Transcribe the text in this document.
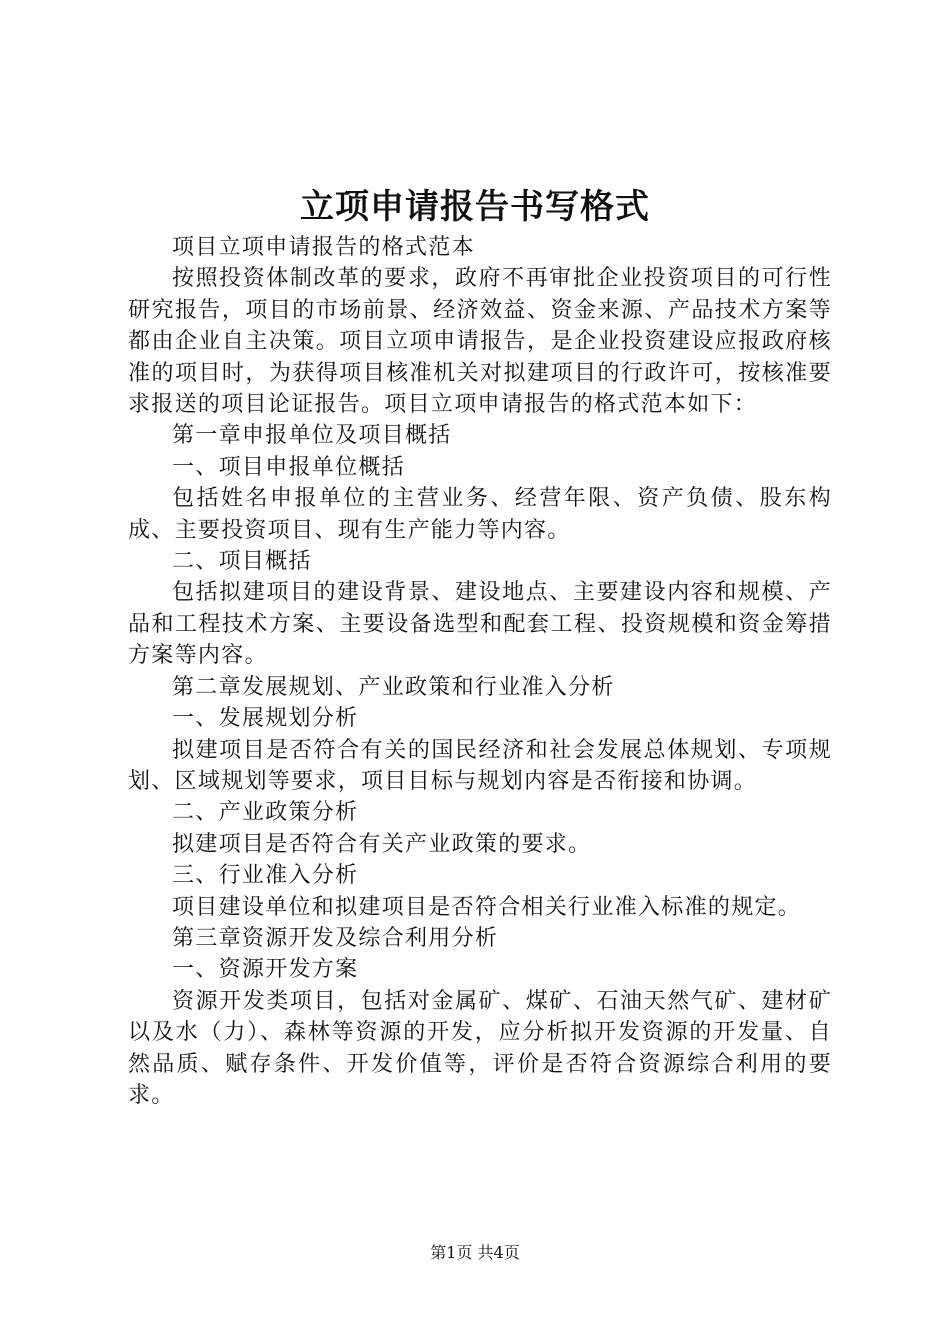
立项申请报告书写格式

项目立项申请报告的格式范本

按照投资体制改革的要求，政府不再审批企业投资项目的可行性研究报告，项目的市场前景、经济效益、资金来源、产品技术方案等都由企业自主决策。项目立项申请报告，是企业投资建设应报政府核准的项目时，为获得项目核准机关对拟建项目的行政许可，按核准要求报送的项目论证报告。项目立项申请报告的格式范本如下：

第一章申报单位及项目概括

一、项目申报单位概括

包括姓名申报单位的主营业务、经营年限、资产负债、股东构成、主要投资项目、现有生产能力等内容。

二、项目概括

包括拟建项目的建设背景、建设地点、主要建设内容和规模、产品和工程技术方案、主要设备选型和配套工程、投资规模和资金筹措方案等内容。

第二章发展规划、产业政策和行业准入分析

一、发展规划分析

拟建项目是否符合有关的国民经济和社会发展总体规划、专项规划、区域规划等要求，项目目标与规划内容是否衔接和协调。

二、产业政策分析

拟建项目是否符合有关产业政策的要求。

三、行业准入分析

项目建设单位和拟建项目是否符合相关行业准入标准的规定。

第三章资源开发及综合利用分析

一、资源开发方案

资源开发类项目，包括对金属矿、煤矿、石油天然气矿、建材矿以及水（力）、森林等资源的开发，应分析拟开发资源的开发量、自然品质、赋存条件、开发价值等，评价是否符合资源综合利用的要求。

第1页 共4页
